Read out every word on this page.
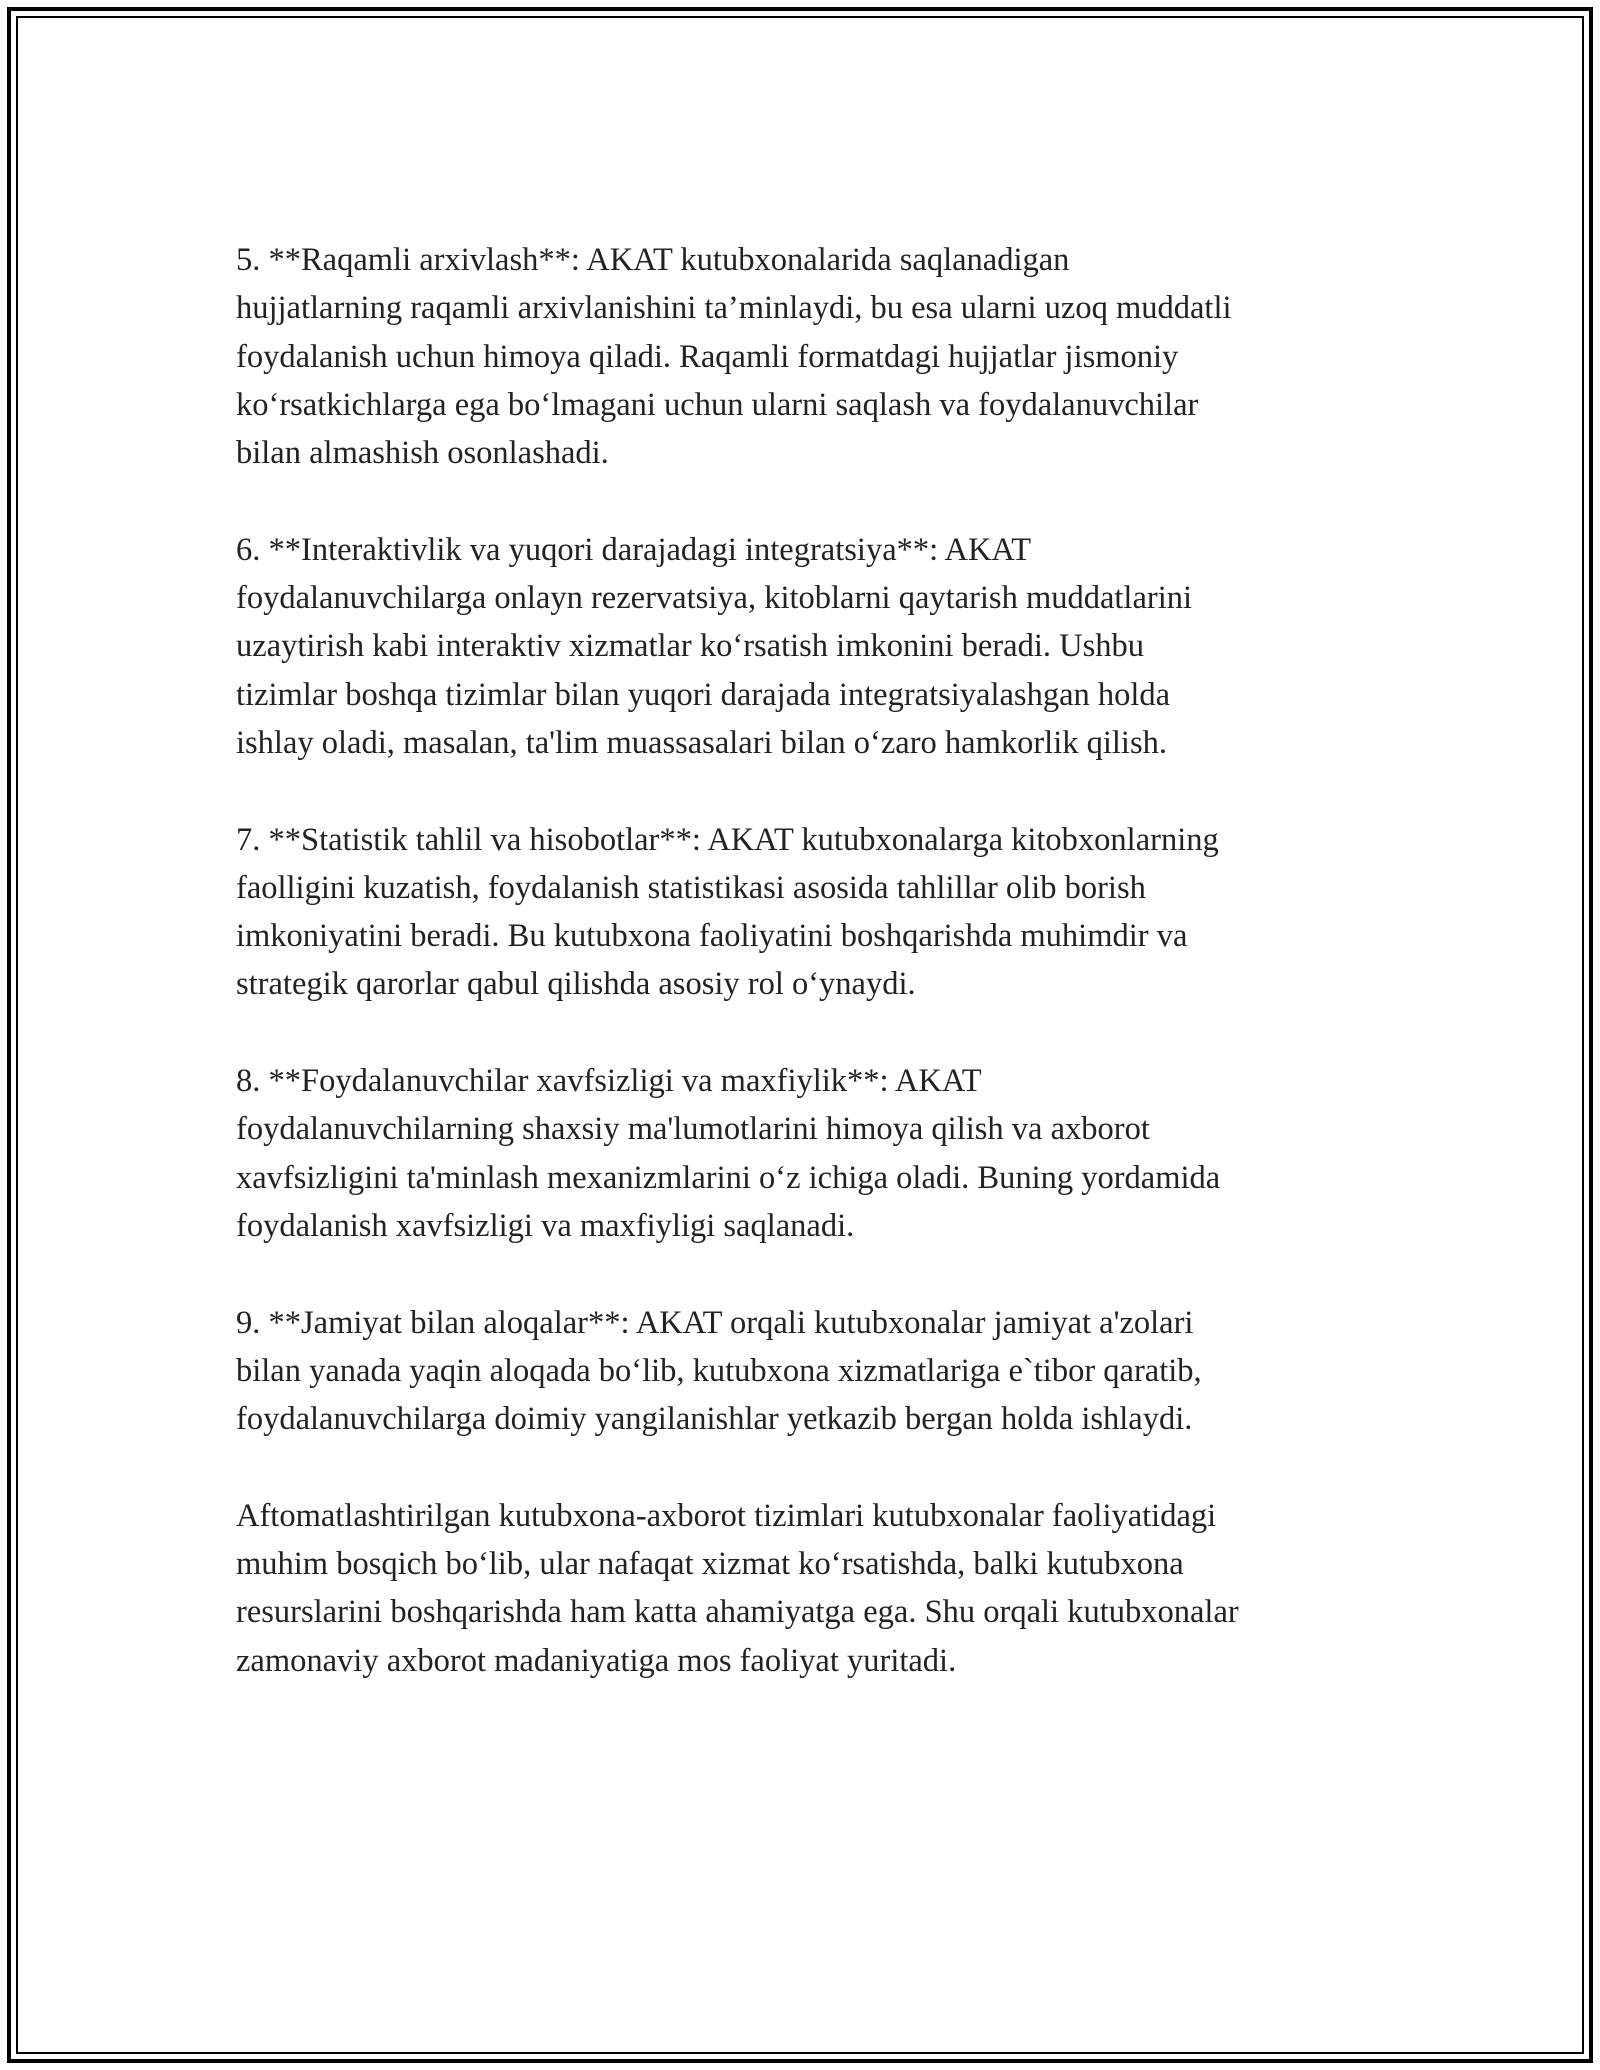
5. **Raqamli arxivlash**: AKAT kutubxonalarida saqlanadigan
hujjatlarning raqamli arxivlanishini ta’minlaydi, bu esa ularni uzoq muddatli
foydalanish uchun himoya qiladi. Raqamli formatdagi hujjatlar jismoniy
ko‘rsatkichlarga ega bo‘lmagani uchun ularni saqlash va foydalanuvchilar
bilan almashish osonlashadi.

6. **Interaktivlik va yuqori darajadagi integratsiya**: AKAT
foydalanuvchilarga onlayn rezervatsiya, kitoblarni qaytarish muddatlarini
uzaytirish kabi interaktiv xizmatlar ko‘rsatish imkonini beradi. Ushbu
tizimlar boshqa tizimlar bilan yuqori darajada integratsiyalashgan holda
ishlay oladi, masalan, ta'lim muassasalari bilan o‘zaro hamkorlik qilish.

7. **Statistik tahlil va hisobotlar**: AKAT kutubxonalarga kitobxonlarning
faolligini kuzatish, foydalanish statistikasi asosida tahlillar olib borish
imkoniyatini beradi. Bu kutubxona faoliyatini boshqarishda muhimdir va
strategik qarorlar qabul qilishda asosiy rol o‘ynaydi.

8. **Foydalanuvchilar xavfsizligi va maxfiylik**: AKAT
foydalanuvchilarning shaxsiy ma'lumotlarini himoya qilish va axborot
xavfsizligini ta'minlash mexanizmlarini o‘z ichiga oladi. Buning yordamida
foydalanish xavfsizligi va maxfiyligi saqlanadi.

9. **Jamiyat bilan aloqalar**: AKAT orqali kutubxonalar jamiyat a'zolari
bilan yanada yaqin aloqada bo‘lib, kutubxona xizmatlariga e`tibor qaratib,
foydalanuvchilarga doimiy yangilanishlar yetkazib bergan holda ishlaydi.

Aftomatlashtirilgan kutubxona-axborot tizimlari kutubxonalar faoliyatidagi
muhim bosqich bo‘lib, ular nafaqat xizmat ko‘rsatishda, balki kutubxona
resurslarini boshqarishda ham katta ahamiyatga ega. Shu orqali kutubxonalar
zamonaviy axborot madaniyatiga mos faoliyat yuritadi.
